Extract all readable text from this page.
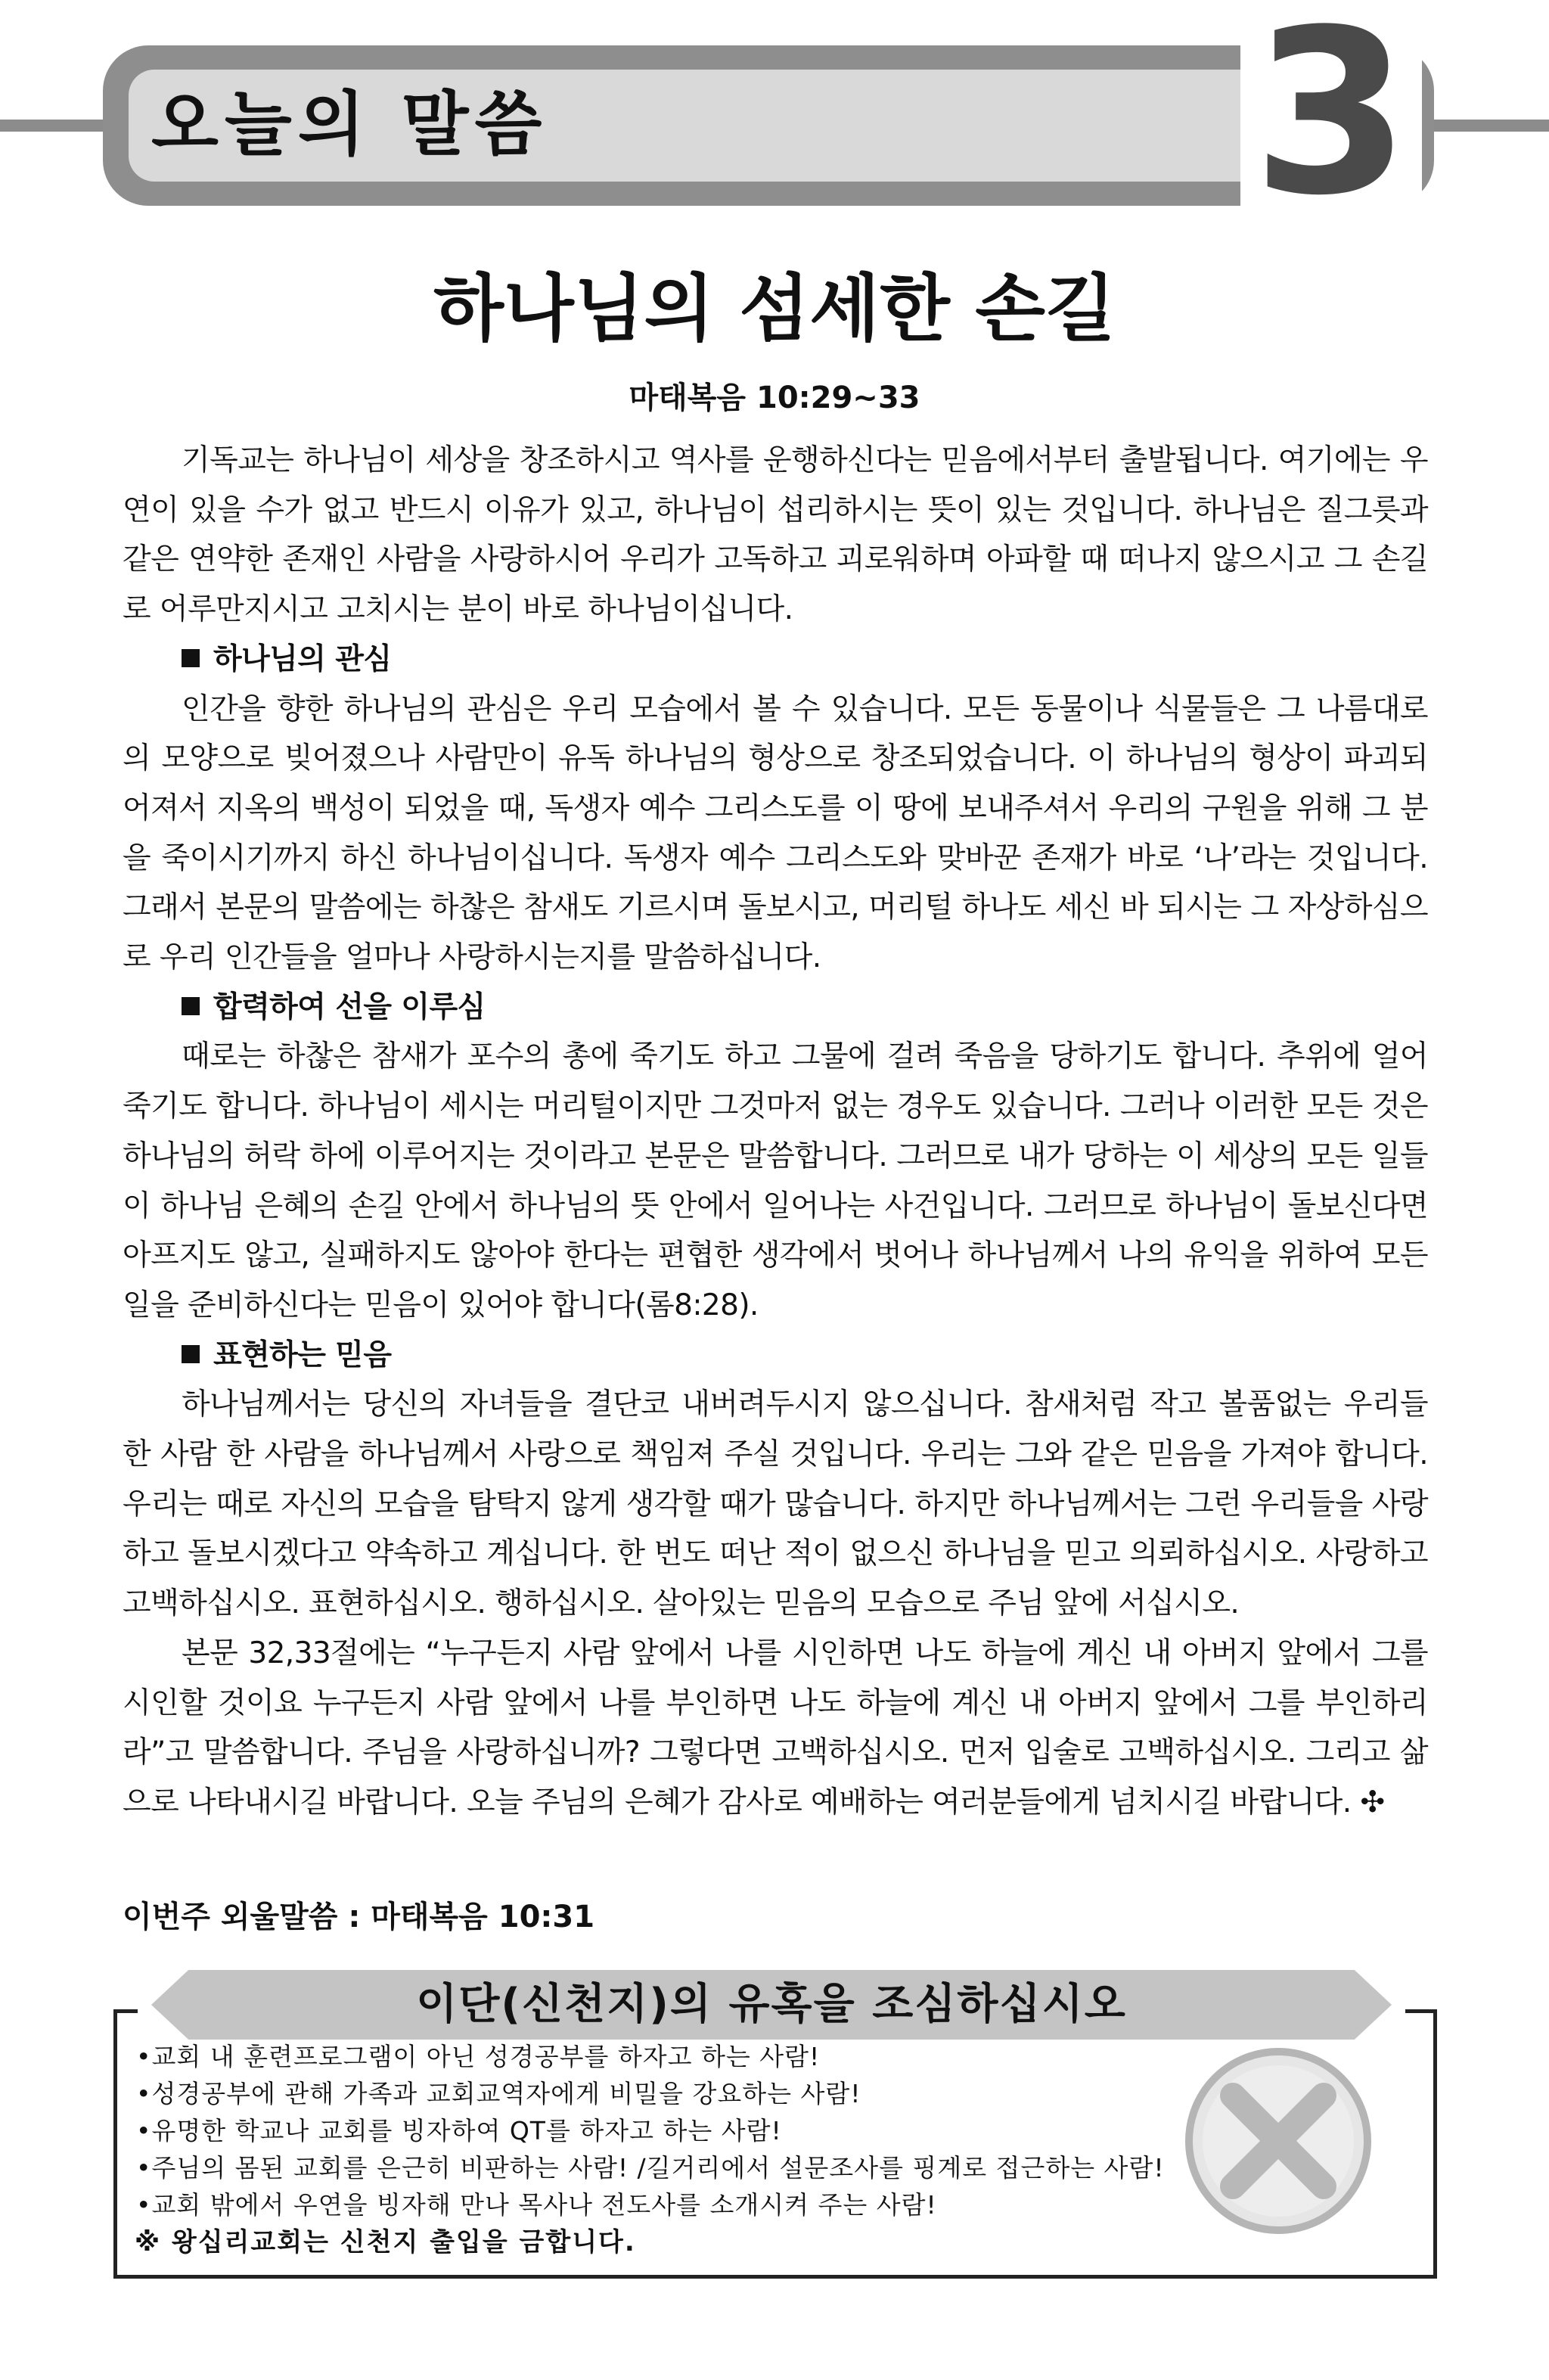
오늘의 말씀	3
하나님의 섬세한 손길
마태복음 10:29~33

기독교는 하나님이 세상을 창조하시고 역사를 운행하신다는 믿음에서부터 출발됩니다. 여기에는 우연이 있을 수가 없고 반드시 이유가 있고, 하나님이 섭리하시는 뜻이 있는 것입니다. 하나님은 질그릇과 같은 연약한 존재인 사람을 사랑하시어 우리가 고독하고 괴로워하며 아파할 때 떠나지 않으시고 그 손길로 어루만지시고 고치시는 분이 바로 하나님이십니다.

하나님의 관심

인간을 향한 하나님의 관심은 우리 모습에서 볼 수 있습니다. 모든 동물이나 식물들은 그 나름대로의 모양으로 빚어졌으나 사람만이 유독 하나님의 형상으로 창조되었습니다. 이 하나님의 형상이 파괴되어져서 지옥의 백성이 되었을 때, 독생자 예수 그리스도를 이 땅에 보내주셔서 우리의 구원을 위해 그 분을 죽이시기까지 하신 하나님이십니다. 독생자 예수 그리스도와 맞바꾼 존재가 바로 ‘나’라는 것입니다. 그래서 본문의 말씀에는 하찮은 참새도 기르시며 돌보시고, 머리털 하나도 세신 바 되시는 그 자상하심으로 우리 인간들을 얼마나 사랑하시는지를 말씀하십니다.

합력하여 선을 이루심

때로는 하찮은 참새가 포수의 총에 죽기도 하고 그물에 걸려 죽음을 당하기도 합니다. 추위에 얼어 죽기도 합니다. 하나님이 세시는 머리털이지만 그것마저 없는 경우도 있습니다. 그러나 이러한 모든 것은 하나님의 허락 하에 이루어지는 것이라고 본문은 말씀합니다. 그러므로 내가 당하는 이 세상의 모든 일들이 하나님 은혜의 손길 안에서 하나님의 뜻 안에서 일어나는 사건입니다. 그러므로 하나님이 돌보신다면 아프지도 않고, 실패하지도 않아야 한다는 편협한 생각에서 벗어나 하나님께서 나의 유익을 위하여 모든 일을 준비하신다는 믿음이 있어야 합니다(롬8:28).

표현하는 믿음

하나님께서는 당신의 자녀들을 결단코 내버려두시지 않으십니다. 참새처럼 작고 볼품없는 우리들 한 사람 한 사람을 하나님께서 사랑으로 책임져 주실 것입니다. 우리는 그와 같은 믿음을 가져야 합니다. 우리는 때로 자신의 모습을 탐탁지 않게 생각할 때가 많습니다. 하지만 하나님께서는 그런 우리들을 사랑하고 돌보시겠다고 약속하고 계십니다. 한 번도 떠난 적이 없으신 하나님을 믿고 의뢰하십시오. 사랑하고 고백하십시오. 표현하십시오. 행하십시오. 살아있는 믿음의 모습으로 주님 앞에 서십시오.

본문 32,33절에는 “누구든지 사람 앞에서 나를 시인하면 나도 하늘에 계신 내 아버지 앞에서 그를 시인할 것이요 누구든지 사람 앞에서 나를 부인하면 나도 하늘에 계신 내 아버지 앞에서 그를 부인하리라”고 말씀합니다. 주님을 사랑하십니까? 그렇다면 고백하십시오. 먼저 입술로 고백하십시오. 그리고 삶으로 나타내시길 바랍니다. 오늘 주님의 은혜가 감사로 예배하는 여러분들에게 넘치시길 바랍니다. ✣

이번주 외울말씀 : 마태복음 10:31
이단(신천지)의 유혹을 조심하십시오
•교회 내 훈련프로그램이 아닌 성경공부를 하자고 하는 사람!
•성경공부에 관해 가족과 교회교역자에게 비밀을 강요하는 사람!
•유명한 학교나 교회를 빙자하여 QT를 하자고 하는 사람!
•주님의 몸된 교회를 은근히 비판하는 사람! /길거리에서 설문조사를 핑계로 접근하는 사람!
•교회 밖에서 우연을 빙자해 만나 목사나 전도사를 소개시켜 주는 사람!
※ 왕십리교회는 신천지 출입을 금합니다.
